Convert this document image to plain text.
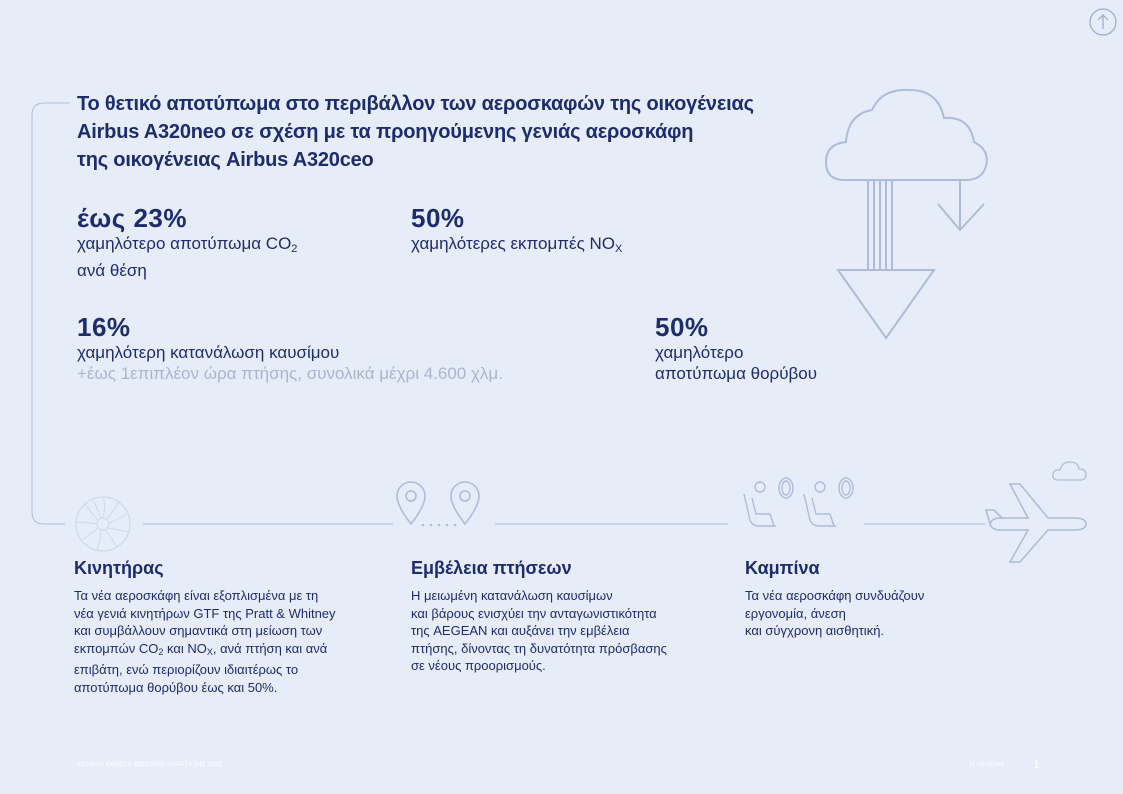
Το θετικό αποτύπωμα στο περιβάλλον των αεροσκαφών της οικογένειας
Airbus A320neo σε σχέση με τα προηγούμενης γενιάς αεροσκάφη
της οικογένειας Airbus A320ceo
έως 23%
χαμηλότερο αποτύπωμα $CO_2$
ανά θέση
50%
χαμηλότερες εκπομπές $NO_X$
16%
χαμηλότερη κατανάλωση καυσίμου
+έως 1επιπλέον ώρα πτήσης, συνολικά μέχρι 4.600 χλμ.
50%
χαμηλότερο
αποτύπωμα θορύβου
Κινητήρας
Τα νέα αεροσκάφη είναι εξοπλισμένα με τη
νέα γενιά κινητήρων GTF της Pratt & Whitney
και συμβάλλουν σημαντικά στη μείωση των
εκπομπών CO2 και NOX, ανά πτήση και ανά
επιβάτη, ενώ περιορίζουν ιδιαιτέρως το
αποτύπωμα θορύβου έως και 50%.
Εμβέλεια πτήσεων
Η μειωμένη κατανάλωση καυσίμων
και βάρους ενισχύει την ανταγωνιστικότητα
της AEGEAN και αυξάνει την εμβέλεια
πτήσης, δίνοντας τη δυνατότητα πρόσβασης
σε νέους προορισμούς.
Καμπίνα
Τα νέα αεροσκάφη συνδυάζουν
εργονομία, άνεση
και σύγχρονη αισθητική.
AEGEAN ΕΚΘΕΣΗ ΒΙΩΣΙΜΗΣ ΑΝΑΠΤΥΞΗΣ 2022	Η AEGEAN 1
